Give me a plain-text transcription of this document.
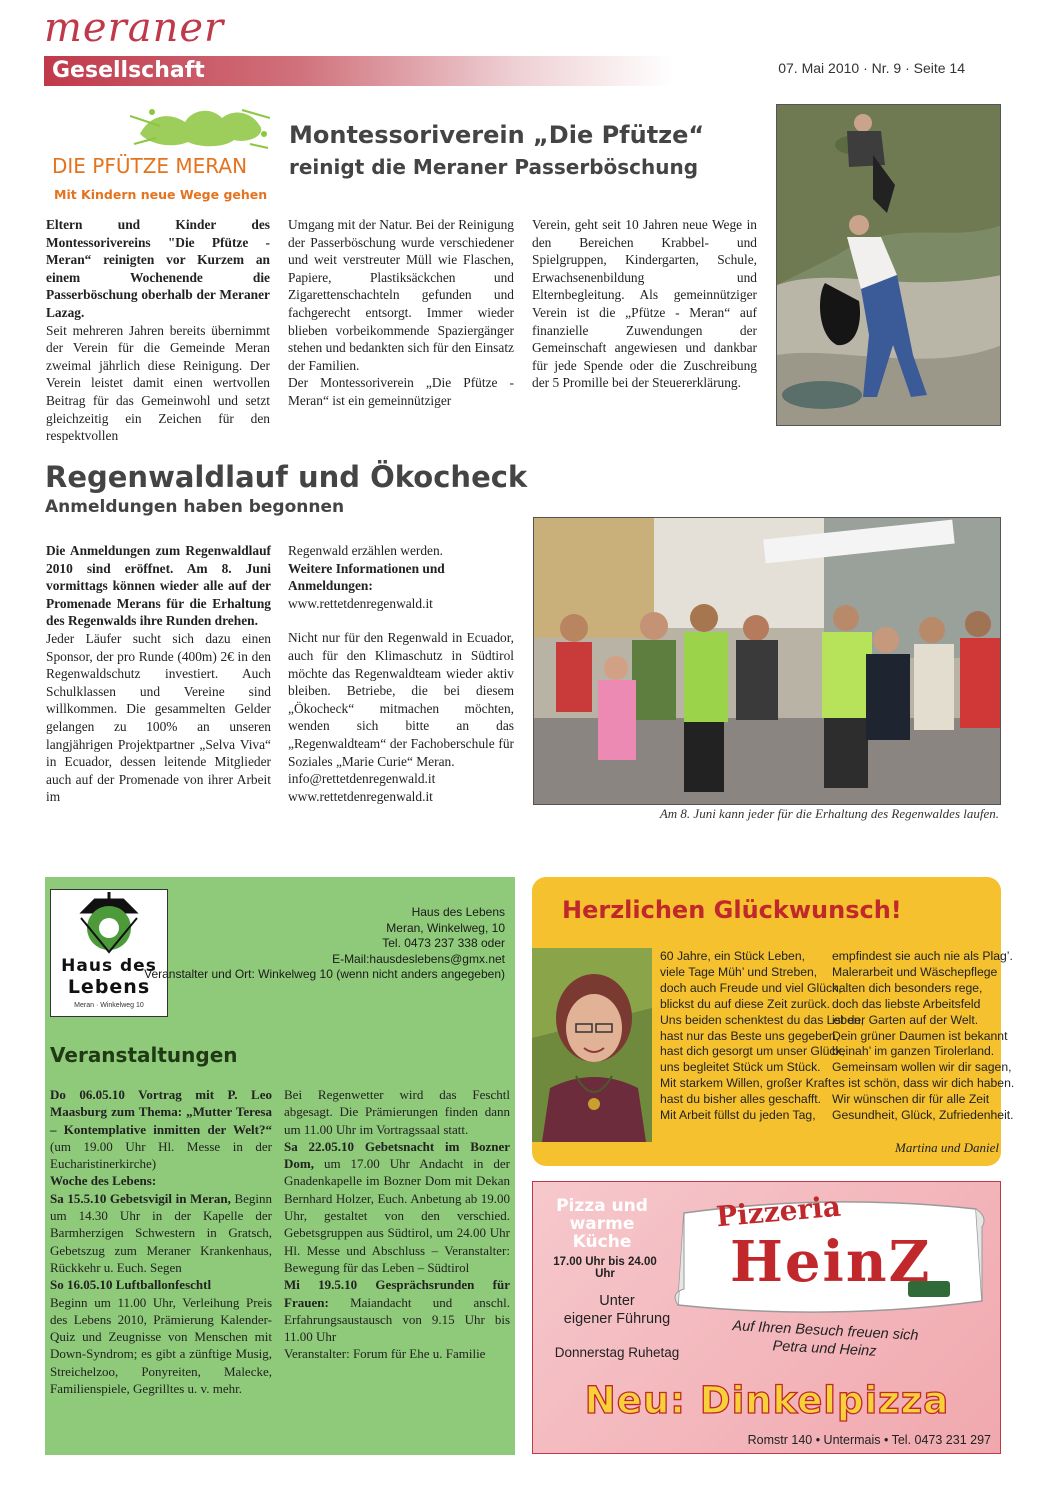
meraner
Gesellschaft	07. Mai 2010 · Nr. 9 · Seite 14
DIE PFÜTZE MERAN
Mit Kindern neue Wege gehen
Montessoriverein „Die Pfütze“
reinigt die Meraner Passerböschung

Eltern und Kinder des Montessorivereins "Die Pfütze - Meran“ reinigten vor Kurzem an einem Wochenende die Passerböschung oberhalb der Meraner Lazag.

Seit mehreren Jahren bereits übernimmt der Verein für die Gemeinde Meran zweimal jährlich diese Reinigung. Der Verein leistet damit einen wertvollen Beitrag für das Gemeinwohl und setzt gleichzeitig ein Zeichen für den respektvollen

Umgang mit der Natur. Bei der Reinigung der Passerböschung wurde verschiedener und weit verstreuter Müll wie Flaschen, Papiere, Plastiksäckchen und Zigarettenschachteln gefunden und fachgerecht entsorgt. Immer wieder blieben vorbeikommende Spaziergänger stehen und bedankten sich für den Einsatz der Familien.

Der Montessoriverein „Die Pfütze - Meran“ ist ein gemeinnütziger

Verein, geht seit 10 Jahren neue Wege in den Bereichen Krabbel- und Spielgruppen, Kindergarten, Schule, Erwachsenenbildung und Elternbegleitung. Als gemeinnütziger Verein ist die „Pfütze - Meran“ auf finanzielle Zuwendungen der Gemeinschaft angewiesen und dankbar für jede Spende oder die Zuschreibung der 5 Promille bei der Steuererklärung.

Regenwaldlauf und Ökocheck
Anmeldungen haben begonnen
Am 8. Juni kann jeder für die Erhaltung des Regenwaldes laufen.

Die Anmeldungen zum Regenwaldlauf 2010 sind eröffnet. Am 8. Juni vormittags können wieder alle auf der Promenade Merans für die Erhaltung des Regenwalds ihre Runden drehen.

Jeder Läufer sucht sich dazu einen Sponsor, der pro Runde (400m) 2€ in den Regenwaldschutz investiert. Auch Schulklassen und Vereine sind willkommen. Die gesammelten Gelder gelangen zu 100% an unseren langjährigen Projektpartner „Selva Viva“ in Ecuador, dessen leitende Mitglieder auch auf der Promenade von ihrer Arbeit im

Regenwald erzählen werden.

Weitere Informationen und Anmeldungen:

www.rettetdenregenwald.it

Nicht nur für den Regenwald in Ecuador, auch für den Klimaschutz in Südtirol möchte das Regenwaldteam wieder aktiv bleiben. Betriebe, die bei diesem „Ökocheck“ mitmachen möchten, wenden sich bitte an das „Regenwaldteam“ der Fachoberschule für Soziales „Marie Curie“ Meran.

info@rettetdenregenwald.it

www.rettetdenregenwald.it

Haus des
Lebens
Meran · Winkelweg 10
Haus des Lebens
Meran, Winkelweg, 10
Tel. 0473 237 338 oder
E-Mail:hausdeslebens@gmx.net
Veranstalter und Ort: Winkelweg 10 (wenn nicht anders angegeben)
Veranstaltungen

Do 06.05.10 Vortrag mit P. Leo Maasburg zum Thema: „Mutter Teresa – Kontemplative inmitten der Welt?“ (um 19.00 Uhr Hl. Messe in der Eucharistinerkirche)

Woche des Lebens:

Sa 15.5.10 Gebetsvigil in Meran, Beginn um 14.30 Uhr in der Kapelle der Barmherzigen Schwestern in Gratsch, Gebetszug zum Meraner Krankenhaus, Rückkehr u. Euch. Segen

So 16.05.10 Luftballonfeschtl

Beginn um 11.00 Uhr, Verleihung Preis des Lebens 2010, Prämierung Kalender-Quiz und Zeugnisse von Menschen mit Down-Syndrom; es gibt a zünftige Musig, Streichelzoo, Ponyreiten, Malecke, Familienspiele, Gegrilltes u. v. mehr.

Bei Regenwetter wird das Feschtl abgesagt. Die Prämierungen finden dann um 11.00 Uhr im Vortragssaal statt.

Sa 22.05.10 Gebetsnacht im Bozner Dom, um 17.00 Uhr Andacht in der Gnadenkapelle im Bozner Dom mit Dekan Bernhard Holzer, Euch. Anbetung ab 19.00 Uhr, gestaltet von den verschied. Gebetsgruppen aus Südtirol, um 24.00 Uhr Hl. Messe und Abschluss – Veranstalter: Bewegung für das Leben – Südtirol

Mi 19.5.10 Gesprächsrunden für Frauen: Maiandacht und anschl. Erfahrungsaustausch von 9.15 Uhr bis 11.00 Uhr

Veranstalter: Forum für Ehe u. Familie

Herzlichen Glückwunsch!
60 Jahre, ein Stück Leben,
viele Tage Müh’ und Streben,
doch auch Freude und viel Glück,
blickst du auf diese Zeit zurück.
Uns beiden schenktest du das Leben,
hast nur das Beste uns gegeben,
hast dich gesorgt um unser Glück,
uns begleitet Stück um Stück.
Mit starkem Willen, großer Kraft
hast du bisher alles geschafft.
Mit Arbeit füllst du jeden Tag,
empfindest sie auch nie als Plag’.
Malerarbeit und Wäschepflege
halten dich besonders rege,
doch das liebste Arbeitsfeld
ist der Garten auf der Welt.
Dein grüner Daumen ist bekannt
beinah’ im ganzen Tirolerland.
Gemeinsam wollen wir dir sagen,
es ist schön, dass wir dich haben.
Wir wünschen dir für alle Zeit
Gesundheit, Glück, Zufriedenheit.
Martina und Daniel
Pizza und
warme
Küche
17.00 Uhr bis 24.00 Uhr
Unter
eigener Führung
Donnerstag Ruhetag
Pizzeria
HeinZ
Auf Ihren Besuch freuen sich
Petra und Heinz
Neu: Dinkelpizza
Romstr 140 • Untermais • Tel. 0473 231 297
